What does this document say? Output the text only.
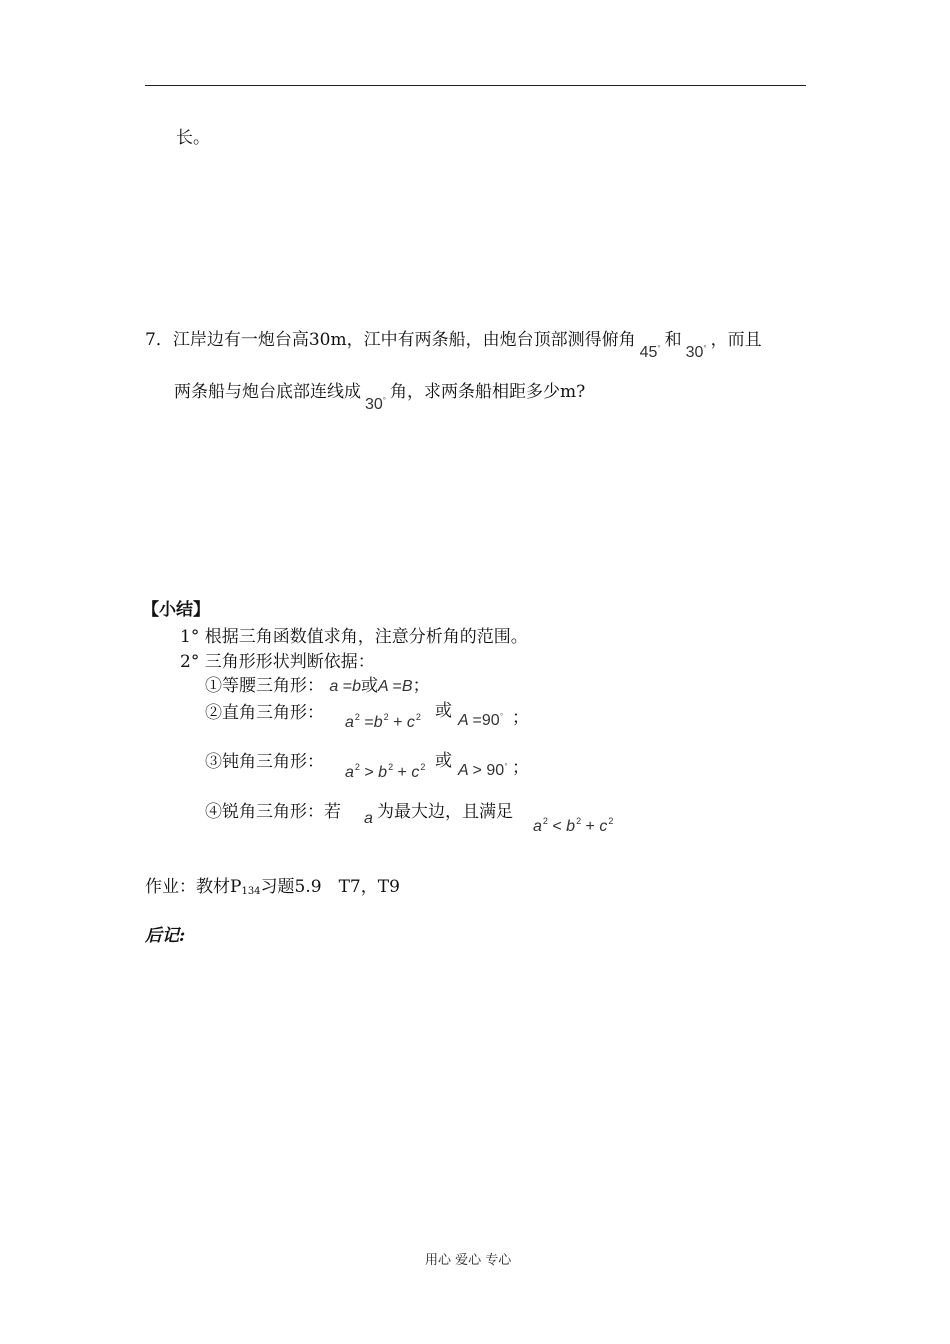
长。
7．江岸边有一炮台高30m，江中有两条船，由炮台顶部测得俯角45° 和30° ，而且
两条船与炮台底部连线成30° 角，求两条船相距多少m?
【小结】
1° 根据三角函数值求角，注意分析角的范围。
2° 三角形形状判断依据：
①等腰三角形： a =b或A =B；
②直角三角形： $a^2 =b^2 + c^2$ 或 A =90° ；
③钝角三角形：
$a^2 > b^2 + c^2$ 或 A > 90° ；
④锐角三角形：若 a 为最大边，且满足
$a^2 < b^2 + c^2$
作业：教材$P_{134}$习题5.9　T7，T9
后记:
用心 爱心 专心
